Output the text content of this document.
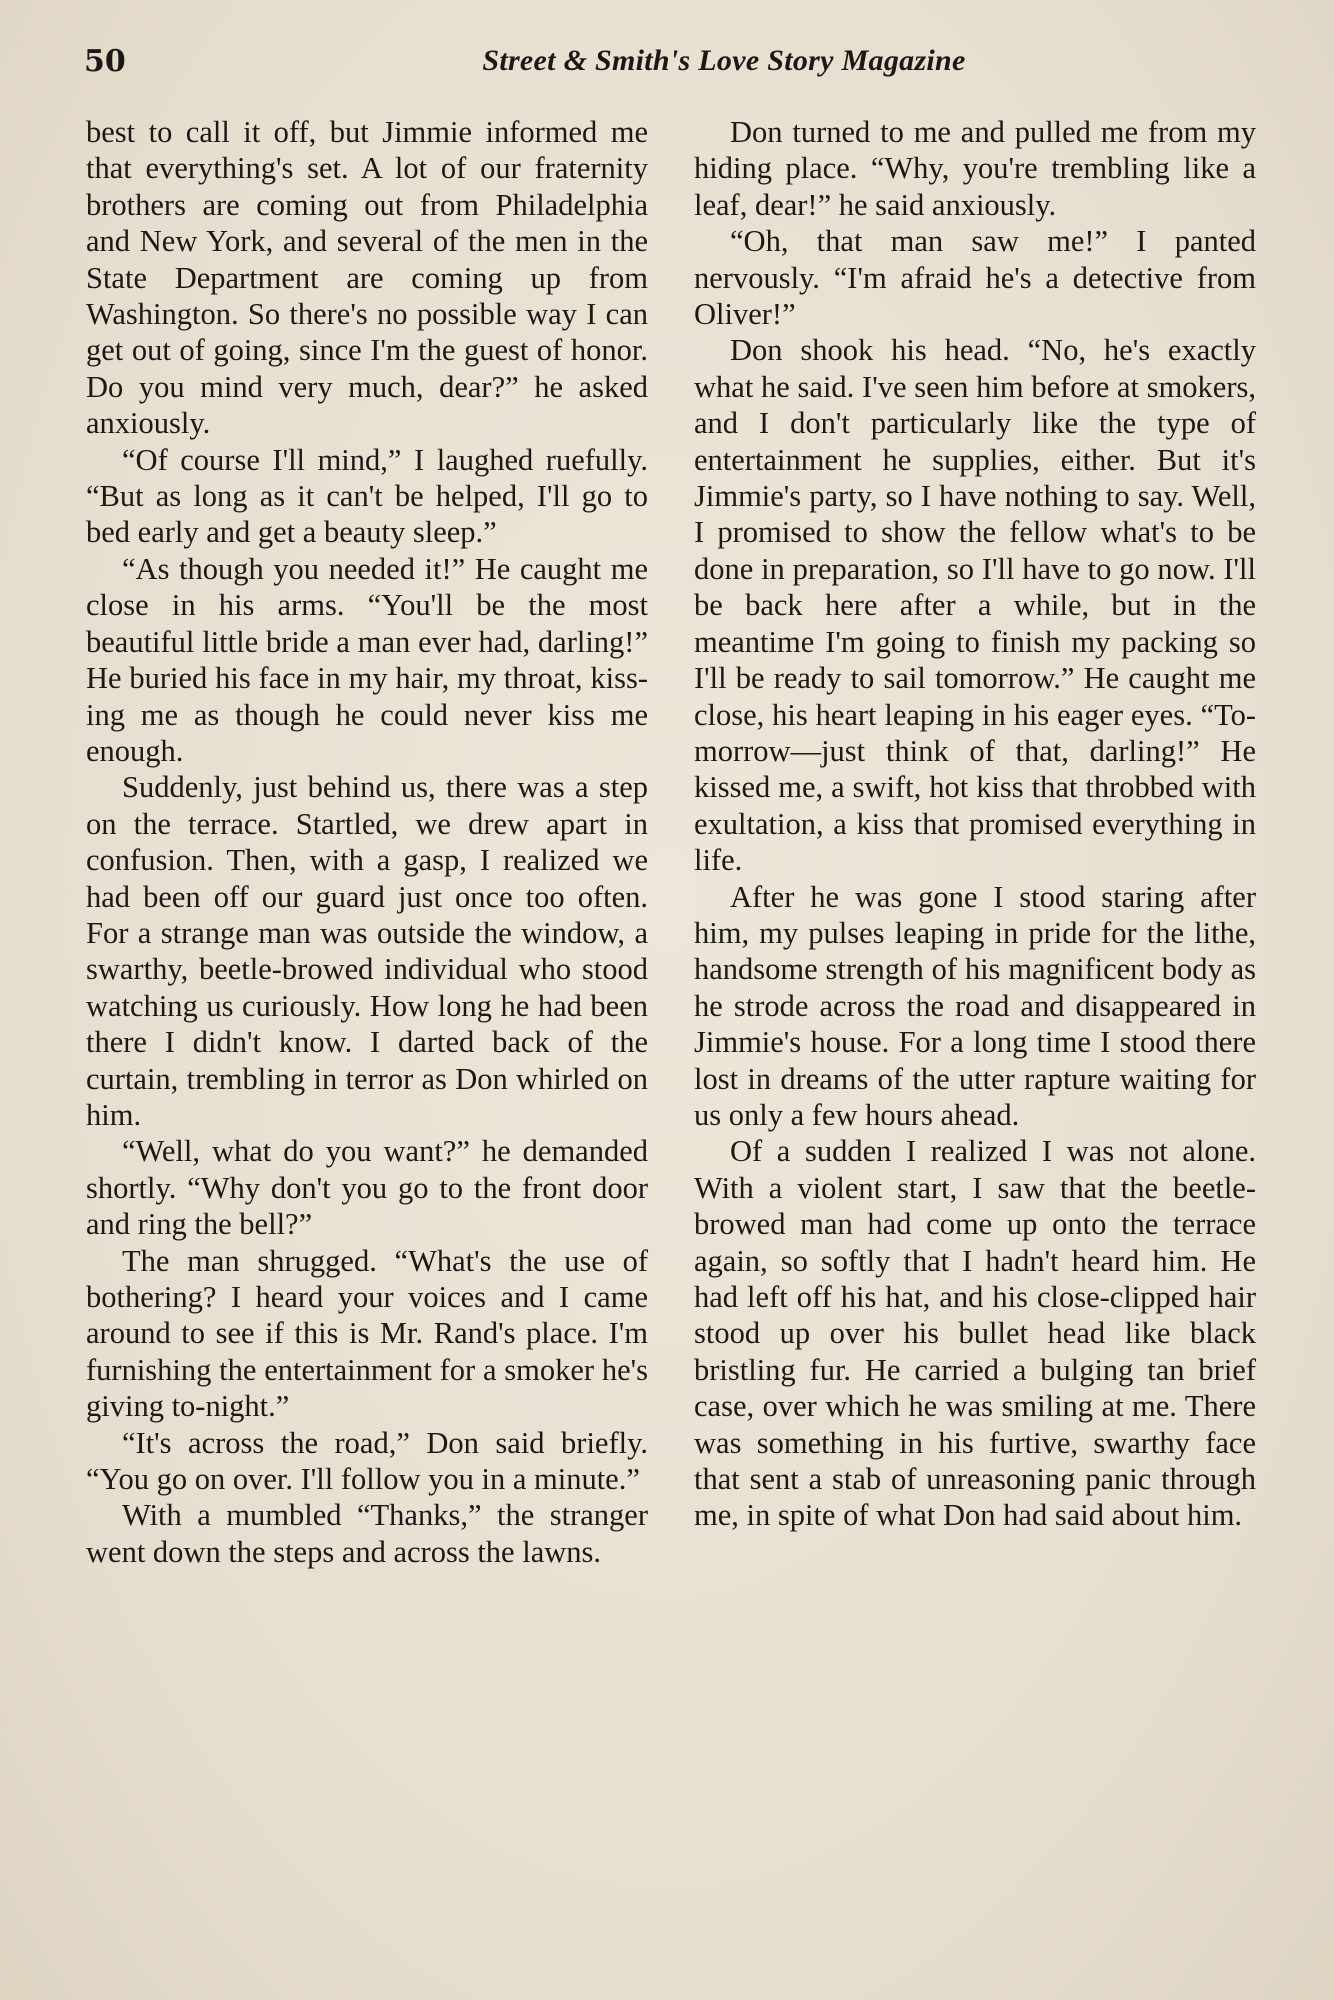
50	Street & Smith's Love Story Magazine

best to call it off, but Jimmie informed me that everything's set. A lot of our fraternity brothers are coming out from Philadelphia and New York, and several of the men in the State Department are coming up from Washington. So there's no possible way I can get out of going, since I'm the guest of honor. Do you mind very much, dear?” he asked anxiously.

“Of course I'll mind,” I laughed ruefully. “But as long as it can't be helped, I'll go to bed early and get a beauty sleep.”

“As though you needed it!” He caught me close in his arms. “You'll be the most beautiful little bride a man ever had, darling!” He buried his face in my hair, my throat, kissing me as though he could never kiss me enough.

Suddenly, just behind us, there was a step on the terrace. Startled, we drew apart in confusion. Then, with a gasp, I realized we had been off our guard just once too often. For a strange man was outside the window, a swarthy, beetle-browed individual who stood watching us curiously. How long he had been there I didn't know. I darted back of the curtain, trembling in terror as Don whirled on him.

“Well, what do you want?” he demanded shortly. “Why don't you go to the front door and ring the bell?”

The man shrugged. “What's the use of bothering? I heard your voices and I came around to see if this is Mr. Rand's place. I'm furnishing the entertainment for a smoker he's giving to-night.”

“It's across the road,” Don said briefly. “You go on over. I'll follow you in a minute.”

With a mumbled “Thanks,” the stranger went down the steps and across the lawns.

Don turned to me and pulled me from my hiding place. “Why, you're trembling like a leaf, dear!” he said anxiously.

“Oh, that man saw me!” I panted nervously. “I'm afraid he's a detective from Oliver!”

Don shook his head. “No, he's exactly what he said. I've seen him before at smokers, and I don't particularly like the type of entertainment he supplies, either. But it's Jimmie's party, so I have nothing to say. Well, I promised to show the fellow what's to be done in preparation, so I'll have to go now. I'll be back here after a while, but in the meantime I'm going to finish my packing so I'll be ready to sail tomorrow.” He caught me close, his heart leaping in his eager eyes. “Tomorrow—just think of that, darling!” He kissed me, a swift, hot kiss that throbbed with exultation, a kiss that promised everything in life.

After he was gone I stood staring after him, my pulses leaping in pride for the lithe, handsome strength of his magnificent body as he strode across the road and disappeared in Jimmie's house. For a long time I stood there lost in dreams of the utter rapture waiting for us only a few hours ahead.

Of a sudden I realized I was not alone. With a violent start, I saw that the beetle-browed man had come up onto the terrace again, so softly that I hadn't heard him. He had left off his hat, and his close-clipped hair stood up over his bullet head like black bristling fur. He carried a bulging tan brief case, over which he was smiling at me. There was something in his furtive, swarthy face that sent a stab of unreasoning panic through me, in spite of what Don had said about him.
